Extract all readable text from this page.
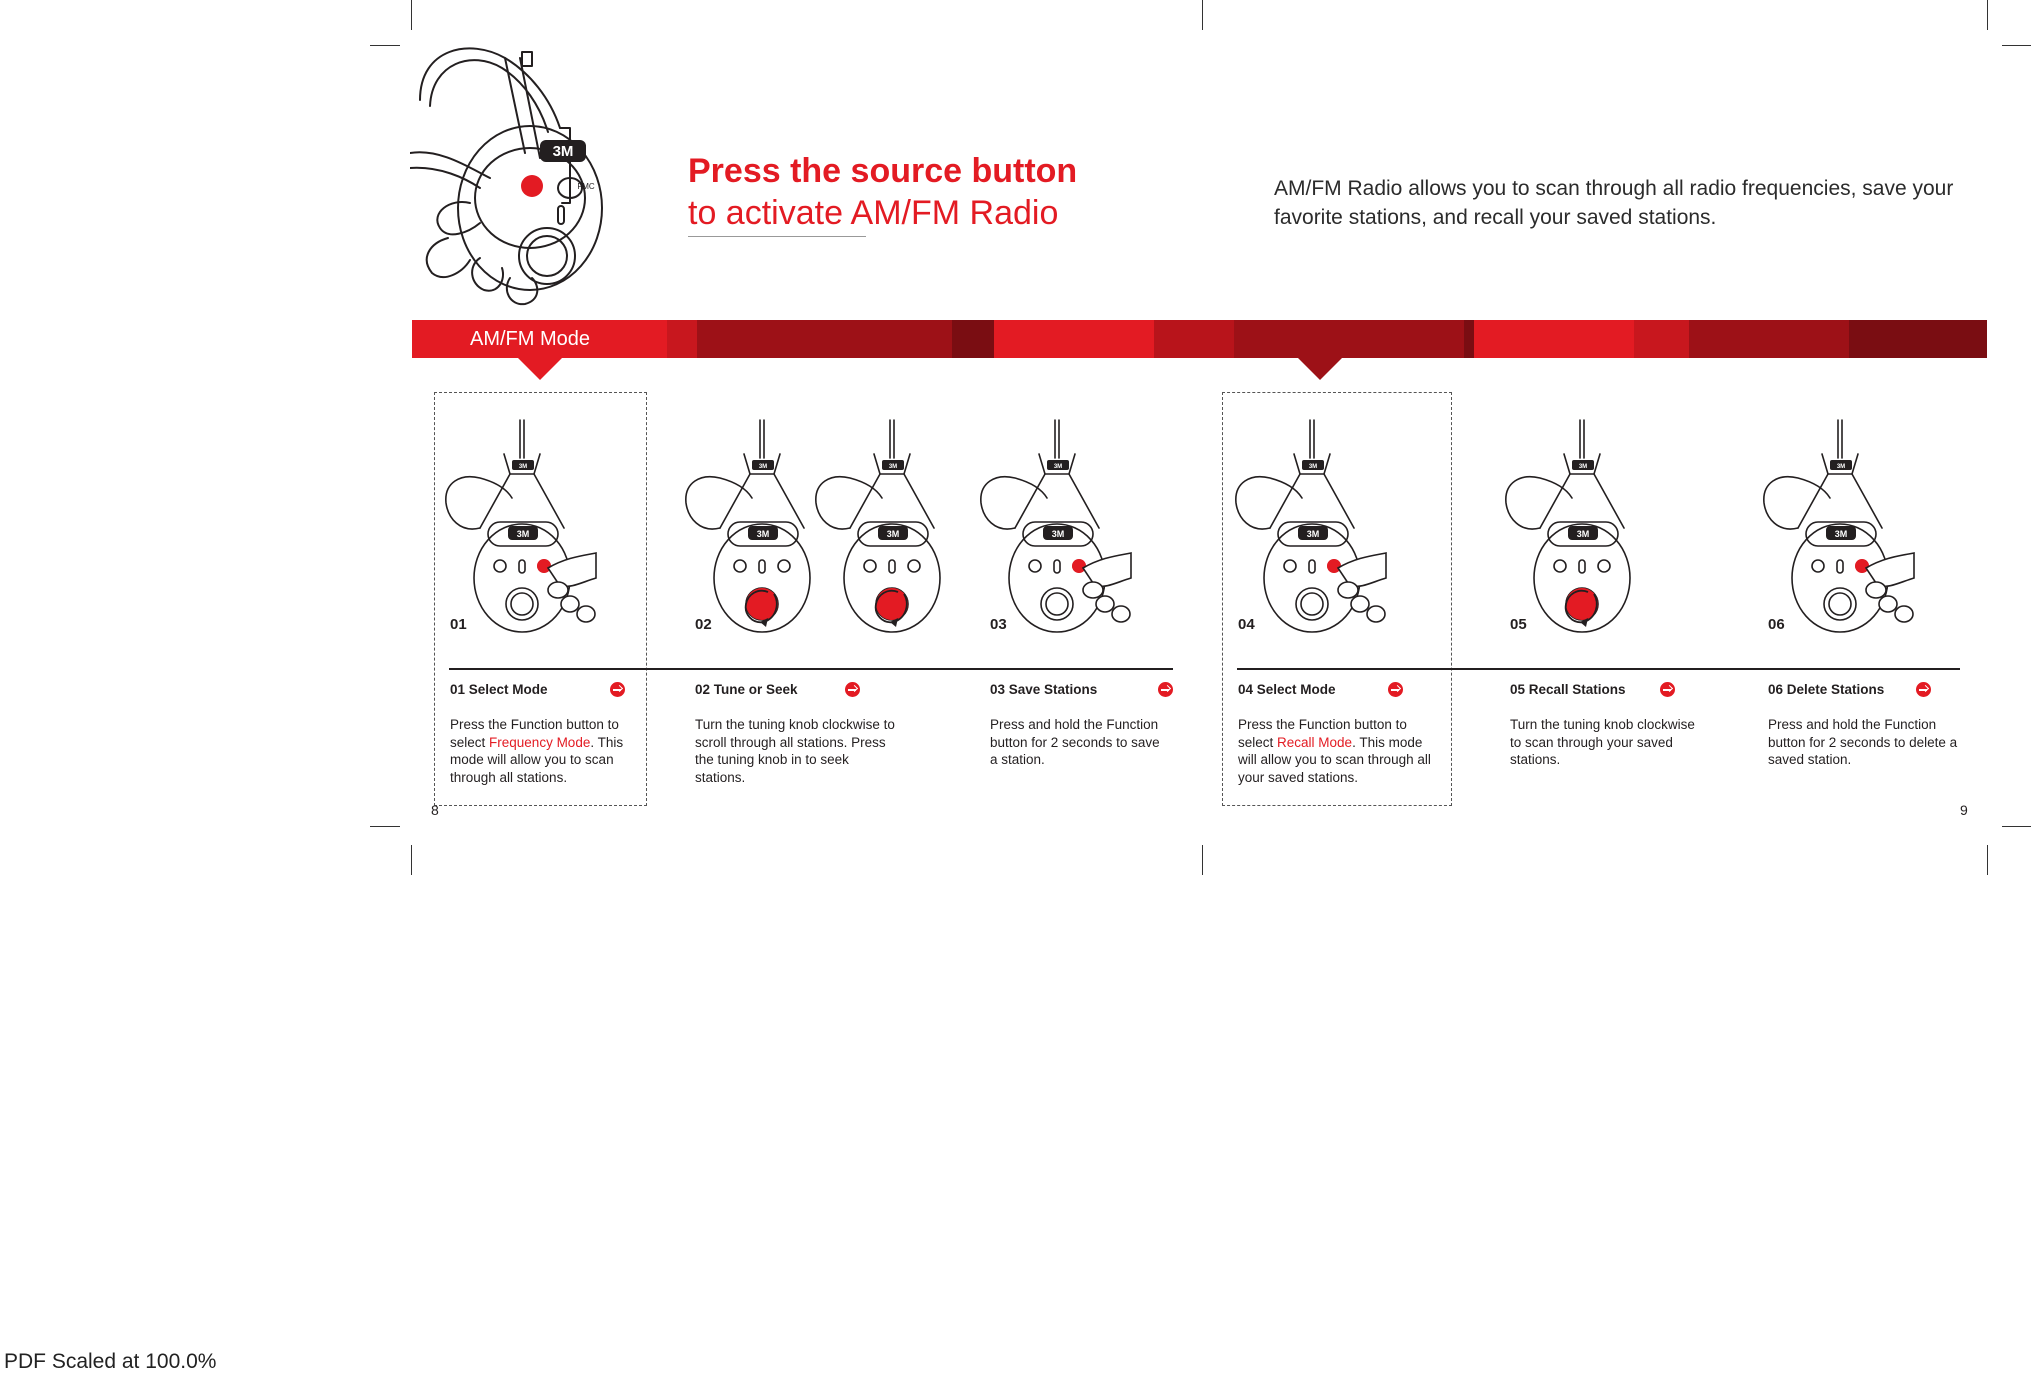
3M
FMC	Press the source button
to activate AM/FM Radio
AM/FM Radio allows you to scan through all radio frequencies, save your favorite stations, and recall your saved stations.
AM/FM Mode
3M
3M
01
01 Select Mode
Press the Function button to select Frequency Mode. This mode will allow you to scan through all stations.
3M
3M
3M
3M
02
02 Tune or Seek
Turn the tuning knob clockwise to scroll through all stations. Press the tuning knob in to seek stations.
3M
3M
03
03 Save Stations
Press and hold the Function button for 2 seconds to save a station.
3M
3M
04
04 Select Mode
Press the Function button to select Recall Mode. This mode will allow you to scan through all your saved stations.
3M
3M
05
05 Recall Stations
Turn the tuning knob clockwise to scan through your saved stations.
3M
3M
06
06 Delete Stations
Press and hold the Function button for 2 seconds to delete a saved station.
8	9
PDF Scaled at 100.0%
